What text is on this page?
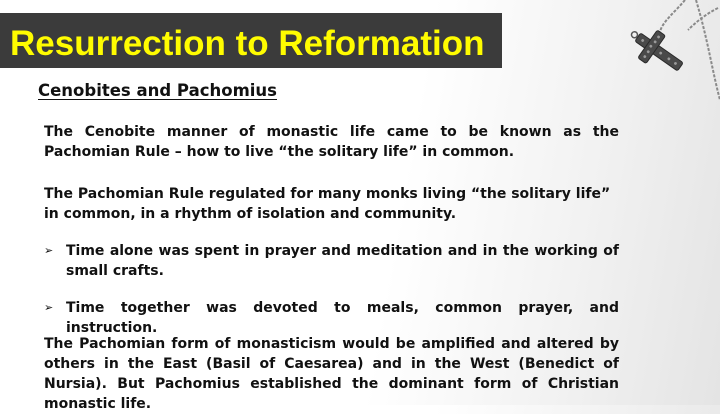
Resurrection to Reformation
Cenobites and Pachomius
The Cenobite manner of monastic life came to be known as the Pachomian Rule – how to live “the solitary life” in common.
The Pachomian Rule regulated for many monks living “the solitary life” in common, in a rhythm of isolation and community.
➢ Time alone was spent in prayer and meditation and in the working of small crafts.
➢ Time together was devoted to meals, common prayer, and instruction.
The Pachomian form of monasticism would be amplified and altered by others in the East (Basil of Caesarea) and in the West (Benedict of Nursia). But Pachomius established the dominant form of Christian monastic life.
